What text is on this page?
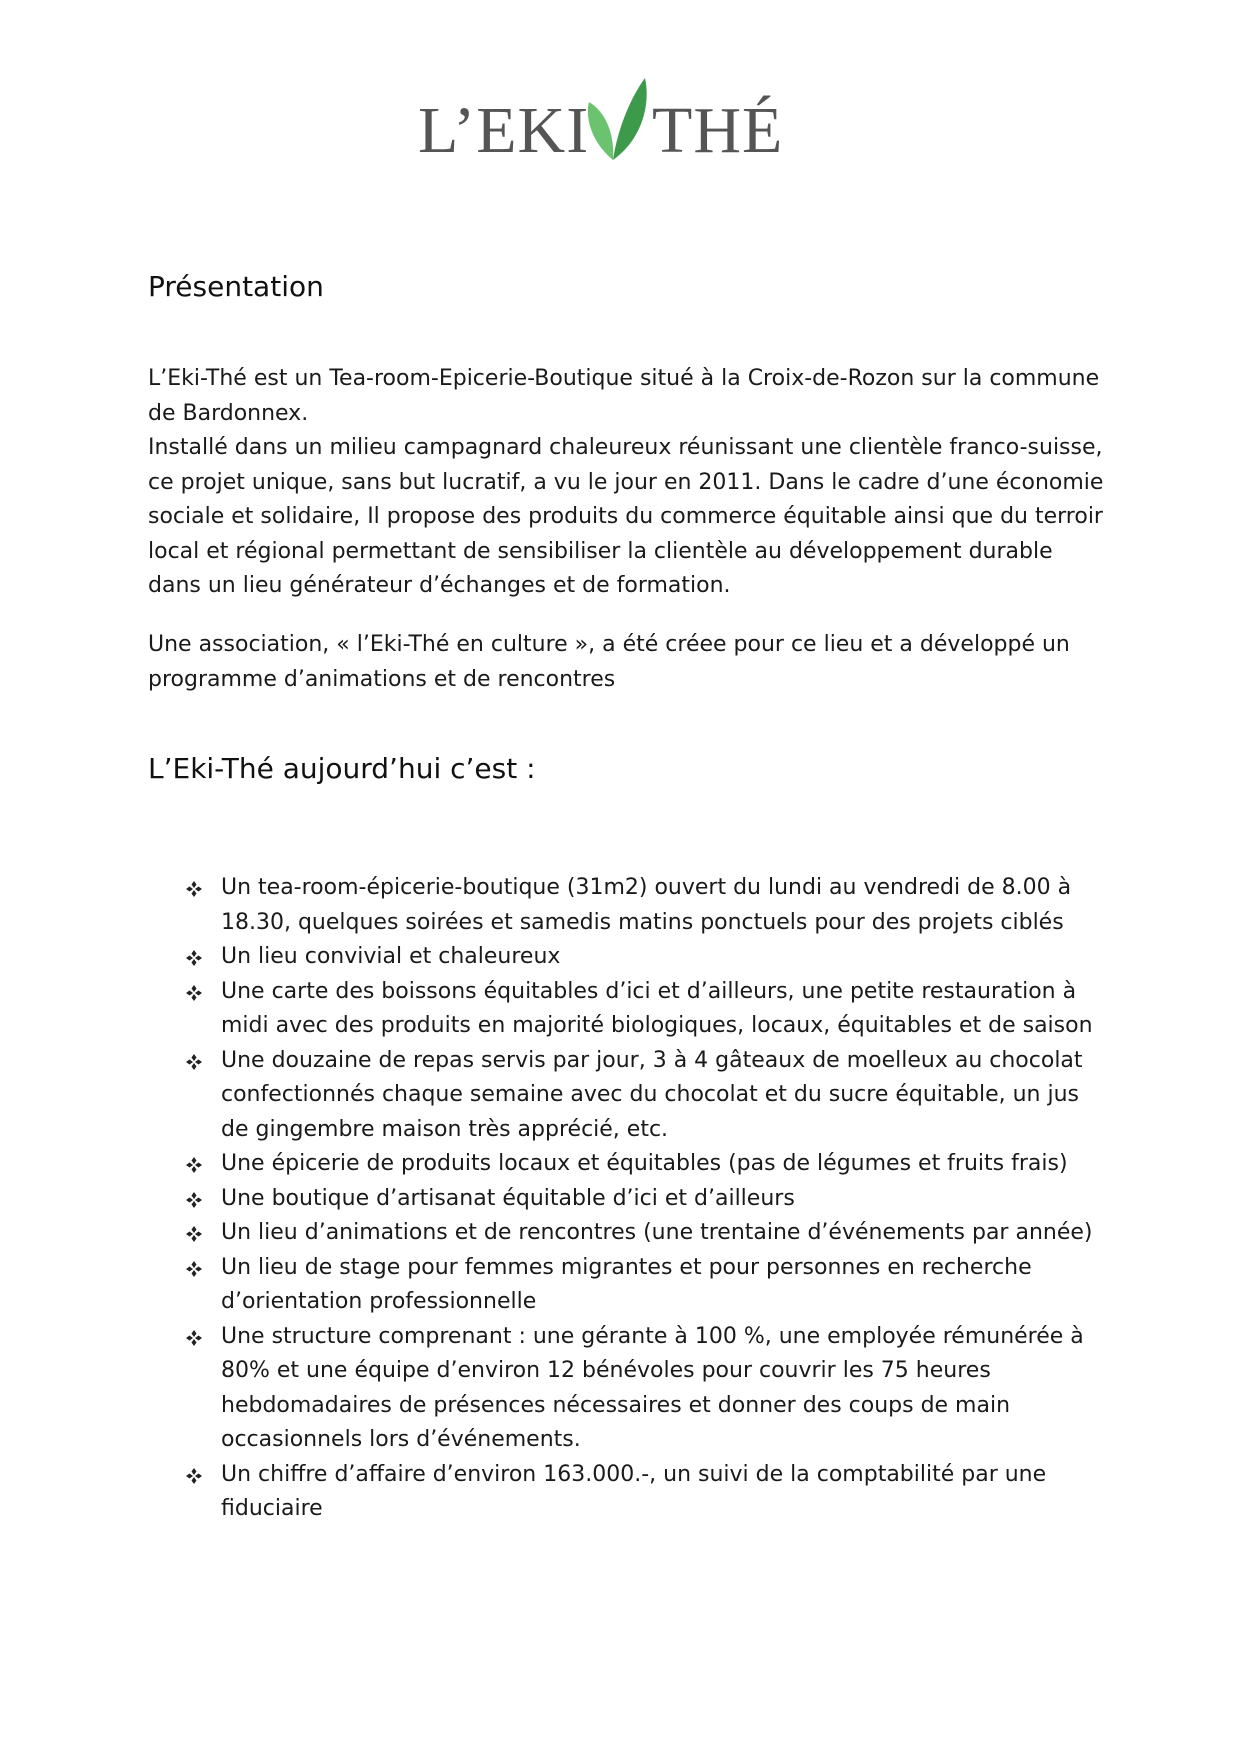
L’EKI THÉ
Présentation

L’Eki-Thé est un Tea-room-Epicerie-Boutique situé à la Croix-de-Rozon sur la commune de Bardonnex.
Installé dans un milieu campagnard chaleureux réunissant une clientèle franco-suisse, ce projet unique, sans but lucratif, a vu le jour en 2011. Dans le cadre d’une économie sociale et solidaire, Il propose des produits du commerce équitable ainsi que du terroir local et régional permettant de sensibiliser la clientèle au développement durable dans un lieu générateur d’échanges et de formation.

Une association, « l’Eki-Thé en culture », a été créee pour ce lieu et a développé un programme d’animations et de rencontres

L’Eki-Thé aujourd’hui c’est :
Un tea-room-épicerie-boutique (31m2) ouvert du lundi au vendredi de 8.00 à 18.30, quelques soirées et samedis matins ponctuels pour des projets ciblés
Un lieu convivial et chaleureux
Une carte des boissons équitables d’ici et d’ailleurs, une petite restauration à midi avec des produits en majorité biologiques, locaux, équitables et de saison
Une douzaine de repas servis par jour, 3 à 4 gâteaux de moelleux au chocolat confectionnés chaque semaine avec du chocolat et du sucre équitable, un jus de gingembre maison très apprécié, etc.
Une épicerie de produits locaux et équitables (pas de légumes et fruits frais)
Une boutique d’artisanat équitable d’ici et d’ailleurs
Un lieu d’animations et de rencontres (une trentaine d’événements par année)
Un lieu de stage pour femmes migrantes et pour personnes en recherche d’orientation professionnelle
Une structure comprenant : une gérante à 100 %, une employée rémunérée à 80% et une équipe d’environ 12 bénévoles pour couvrir les 75 heures hebdomadaires de présences nécessaires et donner des coups de main occasionnels lors d’événements.
Un chiffre d’affaire d’environ 163.000.-, un suivi de la comptabilité par une fiduciaire
